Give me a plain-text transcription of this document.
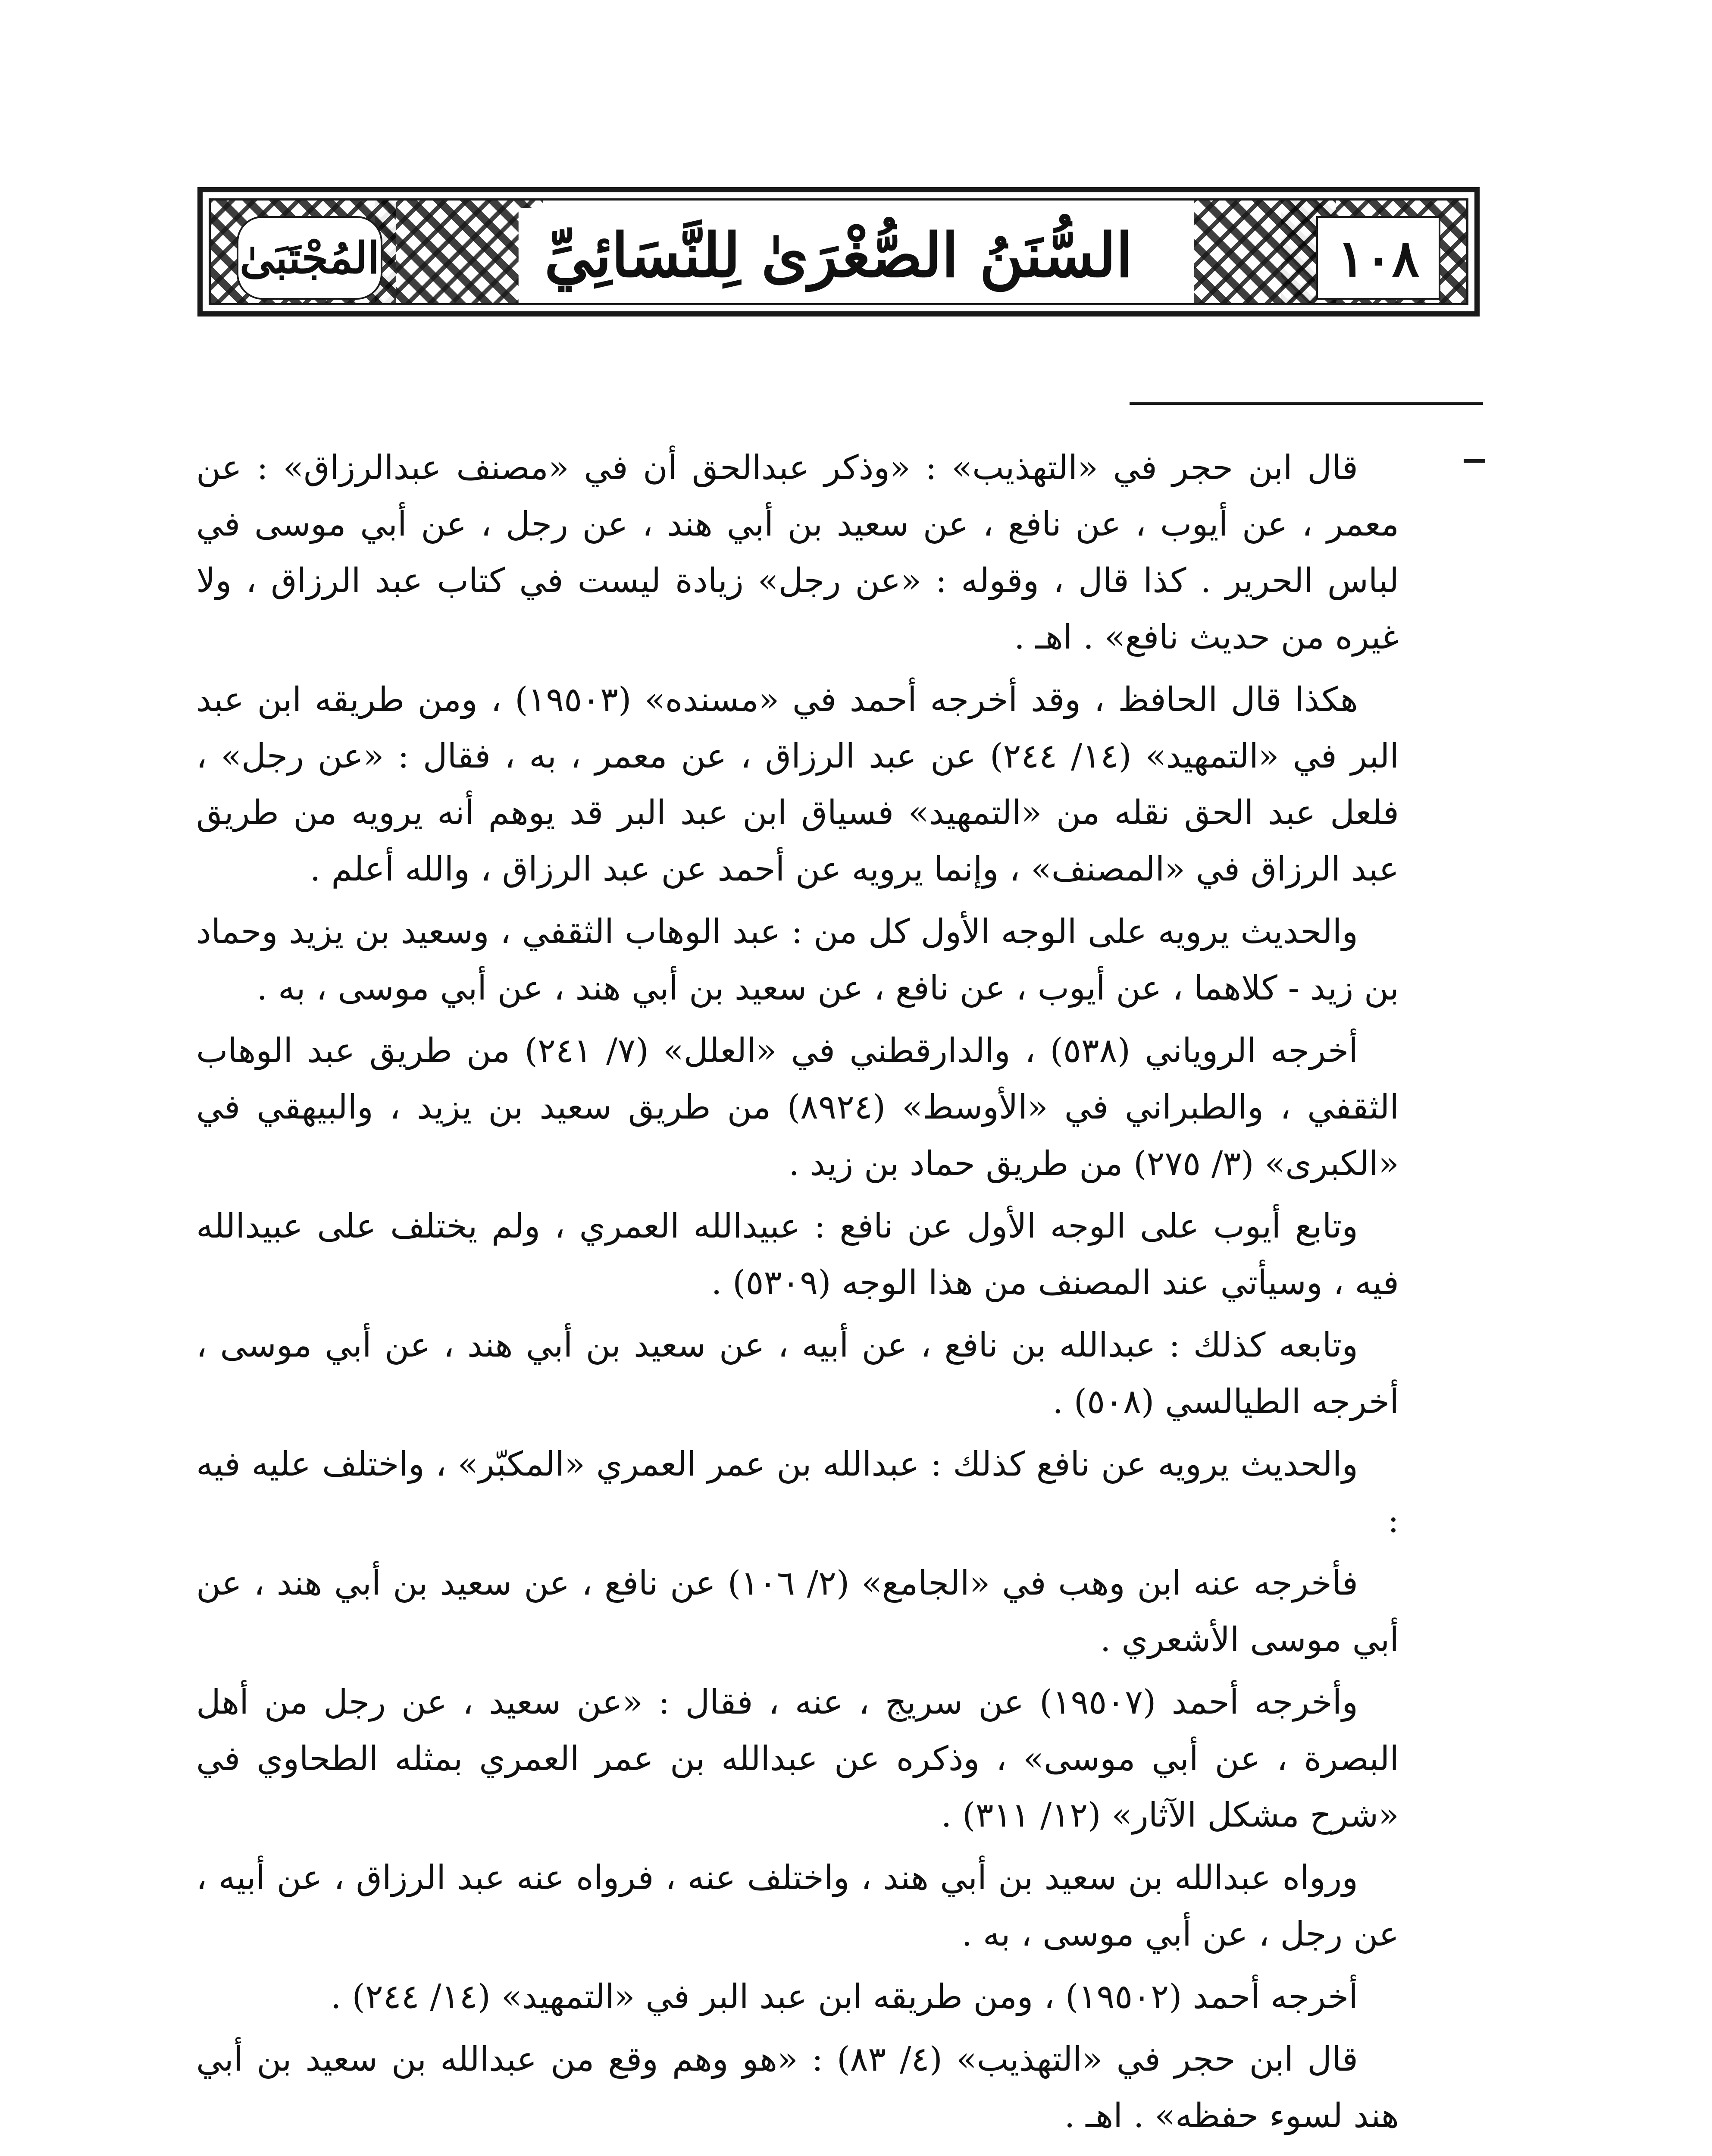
١٠٨
السُّنَنُ الصُّغْرَىٰ لِلنَّسَائِيِّ
المُجْتَبَىٰ

قال ابن حجر في «التهذيب» : «وذكر عبدالحق أن في «مصنف عبدالرزاق» : عن معمر ، عن أيوب ، عن نافع ، عن سعيد بن أبي هند ، عن رجل ، عن أبي موسى في لباس الحرير . كذا قال ، وقوله : «عن رجل» زيادة ليست في كتاب عبد الرزاق ، ولا غيره من حديث نافع» . اهـ .

هكذا قال الحافظ ، وقد أخرجه أحمد في «مسنده» (١٩٥٠٣) ، ومن طريقه ابن عبد البر في «التمهيد» (١٤/ ٢٤٤) عن عبد الرزاق ، عن معمر ، به ، فقال : «عن رجل» ، فلعل عبد الحق نقله من «التمهيد» فسياق ابن عبد البر قد يوهم أنه يرويه من طريق عبد الرزاق في «المصنف» ، وإنما يرويه عن أحمد عن عبد الرزاق ، والله أعلم .

والحديث يرويه على الوجه الأول كل من : عبد الوهاب الثقفي ، وسعيد بن يزيد وحماد بن زيد - كلاهما ، عن أيوب ، عن نافع ، عن سعيد بن أبي هند ، عن أبي موسى ، به .

أخرجه الروياني (٥٣٨) ، والدارقطني في «العلل» (٧/ ٢٤١) من طريق عبد الوهاب الثقفي ، والطبراني في «الأوسط» (٨٩٢٤) من طريق سعيد بن يزيد ، والبيهقي في «الكبرى» (٣/ ٢٧٥) من طريق حماد بن زيد .

وتابع أيوب على الوجه الأول عن نافع : عبيدالله العمري ، ولم يختلف على عبيدالله فيه ، وسيأتي عند المصنف من هذا الوجه (٥٣٠٩) .

وتابعه كذلك : عبدالله بن نافع ، عن أبيه ، عن سعيد بن أبي هند ، عن أبي موسى ، أخرجه الطيالسي (٥٠٨) .

والحديث يرويه عن نافع كذلك : عبدالله بن عمر العمري «المكبّر» ، واختلف عليه فيه :

فأخرجه عنه ابن وهب في «الجامع» (٢/ ١٠٦) عن نافع ، عن سعيد بن أبي هند ، عن أبي موسى الأشعري .

وأخرجه أحمد (١٩٥٠٧) عن سريج ، عنه ، فقال : «عن سعيد ، عن رجل من أهل البصرة ، عن أبي موسى» ، وذكره عن عبدالله بن عمر العمري بمثله الطحاوي في «شرح مشكل الآثار» (١٢/ ٣١١) .

ورواه عبدالله بن سعيد بن أبي هند ، واختلف عنه ، فرواه عنه عبد الرزاق ، عن أبيه ، عن رجل ، عن أبي موسى ، به .

أخرجه أحمد (١٩٥٠٢) ، ومن طريقه ابن عبد البر في «التمهيد» (١٤/ ٢٤٤) .

قال ابن حجر في «التهذيب» (٤/ ٨٣) : «هو وهم وقع من عبدالله بن سعيد بن أبي هند لسوء حفظه» . اهـ .
